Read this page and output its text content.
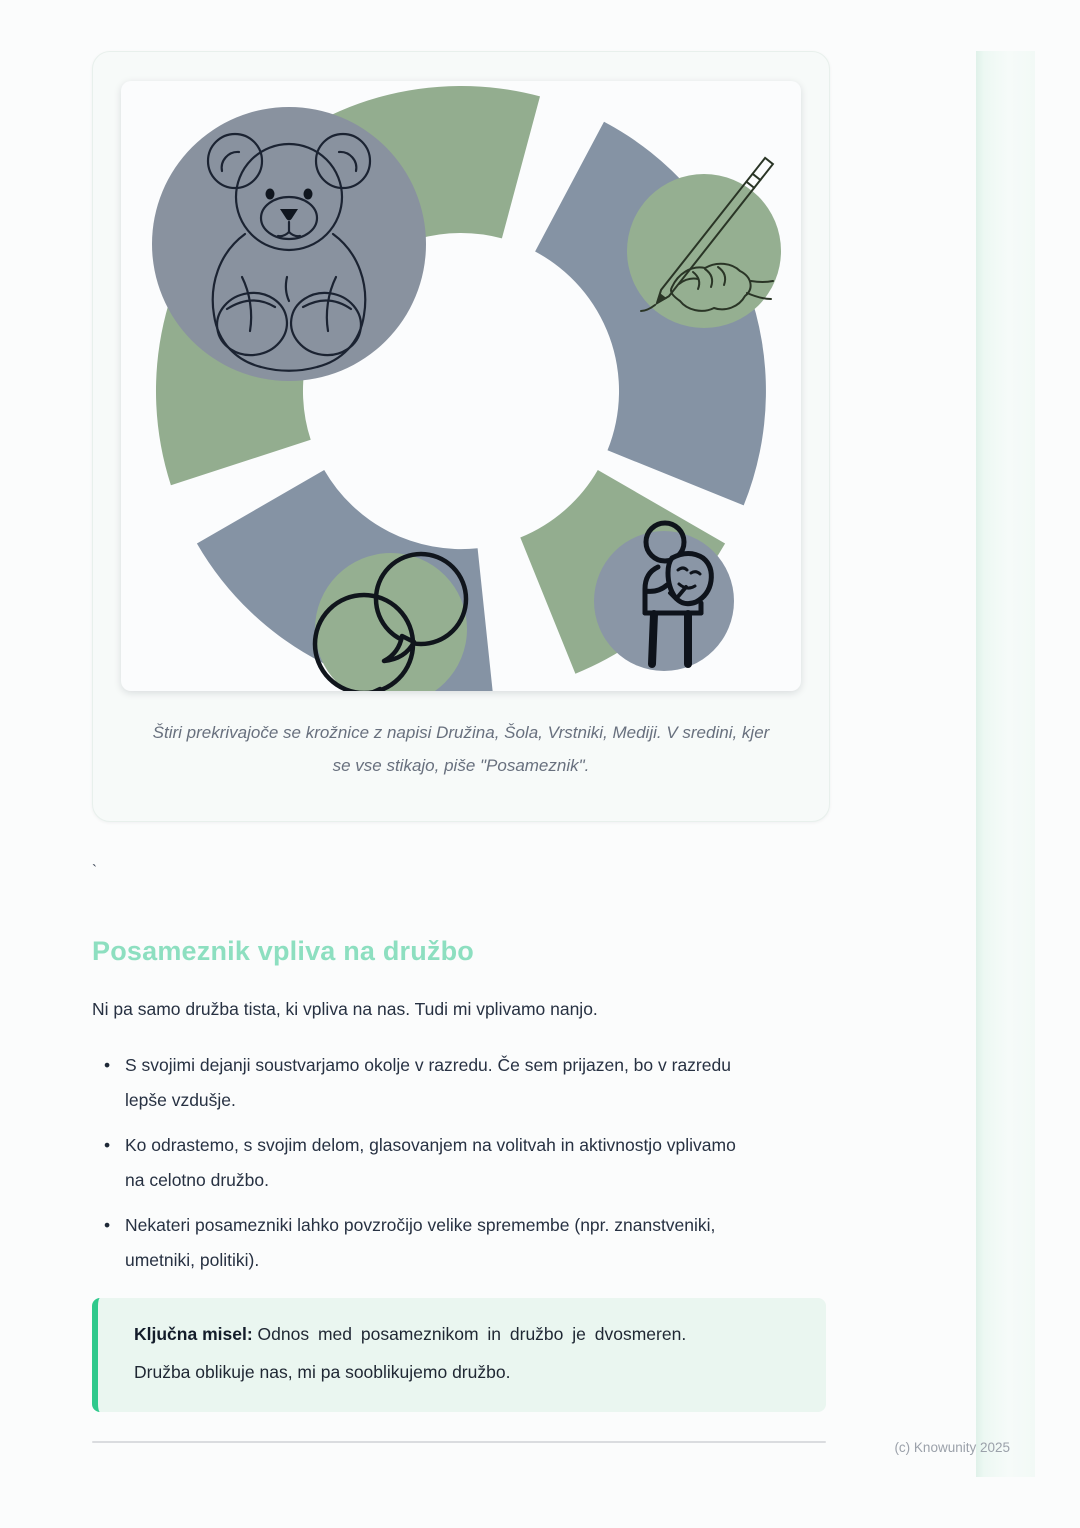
Štiri prekrivajoče se krožnice z napisi Družina, Šola, Vrstniki, Mediji. V sredini, kjer se vse stikajo, piše "Posameznik".
`
Posameznik vpliva na družbo
Ni pa samo družba tista, ki vpliva na nas. Tudi mi vplivamo nanjo.
• S svojimi dejanji soustvarjamo okolje v razredu. Če sem prijazen, bo v razredu lepše vzdušje.
• Ko odrastemo, s svojim delom, glasovanjem na volitvah in aktivnostjo vplivamo na celotno družbo.
• Nekateri posamezniki lahko povzročijo velike spremembe (npr. znanstveniki, umetniki, politiki).
Ključna misel: Odnos med posameznikom in družbo je dvosmeren.
Družba oblikuje nas, mi pa sooblikujemo družbo.
(c) Knowunity 2025
